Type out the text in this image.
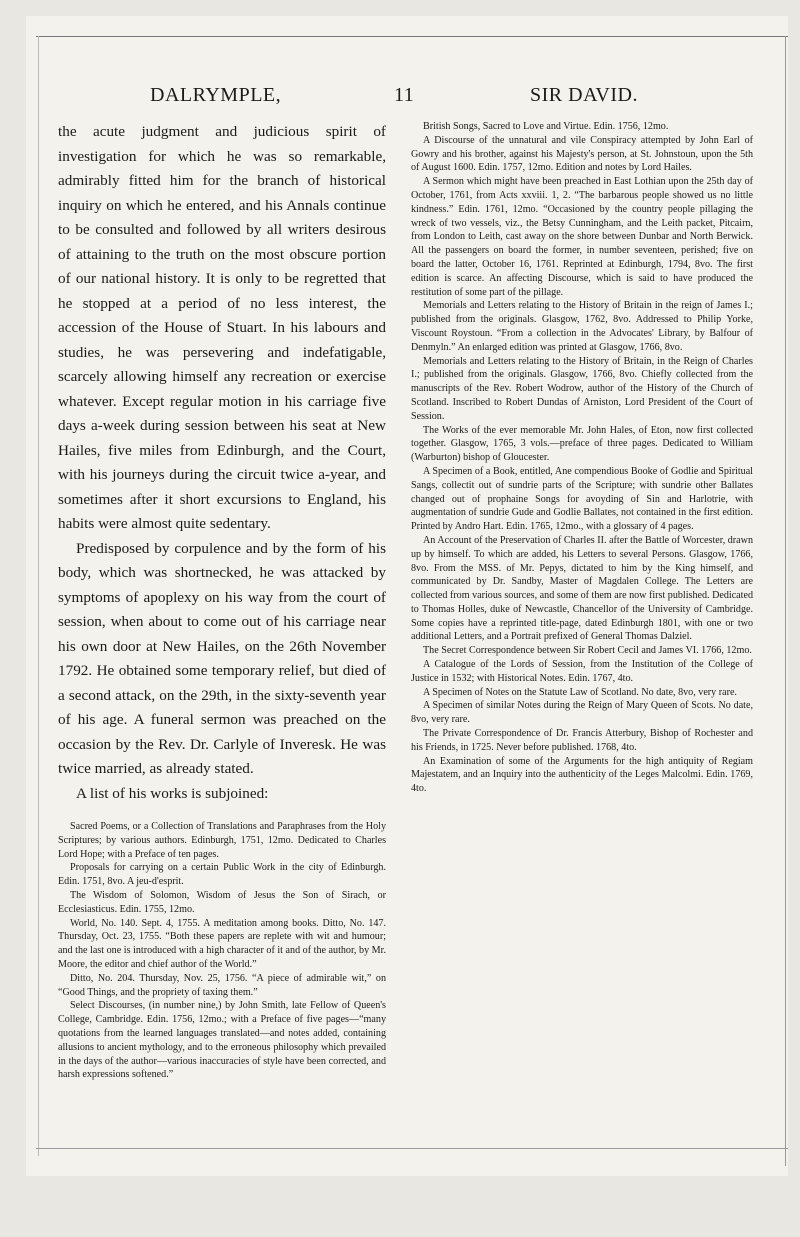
DALRYMPLE,	11	SIR DAVID.

the acute judgment and judicious spirit of investigation for which he was so remarkable, admirably fitted him for the branch of historical inquiry on which he entered, and his Annals continue to be consulted and followed by all writers desirous of attaining to the truth on the most obscure portion of our national history. It is only to be regretted that he stopped at a period of no less interest, the accession of the House of Stuart. In his labours and studies, he was persevering and indefatigable, scarcely allowing himself any recreation or exercise whatever. Except regular motion in his carriage five days a-week during session between his seat at New Hailes, five miles from Edinburgh, and the Court, with his journeys during the circuit twice a-year, and sometimes after it short excursions to England, his habits were almost quite sedentary.

Predisposed by corpulence and by the form of his body, which was shortnecked, he was attacked by symptoms of apoplexy on his way from the court of session, when about to come out of his carriage near his own door at New Hailes, on the 26th November 1792. He obtained some temporary relief, but died of a second attack, on the 29th, in the sixty-seventh year of his age. A funeral sermon was preached on the occasion by the Rev. Dr. Carlyle of Inveresk. He was twice married, as already stated.

A list of his works is subjoined:

Sacred Poems, or a Collection of Translations and Paraphrases from the Holy Scriptures; by various authors. Edinburgh, 1751, 12mo. Dedicated to Charles Lord Hope; with a Preface of ten pages.

Proposals for carrying on a certain Public Work in the city of Edinburgh. Edin. 1751, 8vo. A jeu-d'esprit.

The Wisdom of Solomon, Wisdom of Jesus the Son of Sirach, or Ecclesiasticus. Edin. 1755, 12mo.

World, No. 140. Sept. 4, 1755. A meditation among books. Ditto, No. 147. Thursday, Oct. 23, 1755. “Both these papers are replete with wit and humour; and the last one is introduced with a high character of it and of the author, by Mr. Moore, the editor and chief author of the World.”

Ditto, No. 204. Thursday, Nov. 25, 1756. “A piece of admirable wit,” on “Good Things, and the propriety of taxing them.”

Select Discourses, (in number nine,) by John Smith, late Fellow of Queen's College, Cambridge. Edin. 1756, 12mo.; with a Preface of five pages—“many quotations from the learned languages translated—and notes added, containing allusions to ancient mythology, and to the erroneous philosophy which prevailed in the days of the author—various inaccuracies of style have been corrected, and harsh expressions softened.”

British Songs, Sacred to Love and Virtue. Edin. 1756, 12mo.

A Discourse of the unnatural and vile Conspiracy attempted by John Earl of Gowry and his brother, against his Majesty's person, at St. Johnstoun, upon the 5th of August 1600. Edin. 1757, 12mo. Edition and notes by Lord Hailes.

A Sermon which might have been preached in East Lothian upon the 25th day of October, 1761, from Acts xxviii. 1, 2. “The barbarous people showed us no little kindness.” Edin. 1761, 12mo. “Occasioned by the country people pillaging the wreck of two vessels, viz., the Betsy Cunningham, and the Leith packet, Pitcairn, from London to Leith, cast away on the shore between Dunbar and North Berwick. All the passengers on board the former, in number seventeen, perished; five on board the latter, October 16, 1761. Reprinted at Edinburgh, 1794, 8vo. The first edition is scarce. An affecting Discourse, which is said to have produced the restitution of some part of the pillage.

Memorials and Letters relating to the History of Britain in the reign of James I.; published from the originals. Glasgow, 1762, 8vo. Addressed to Philip Yorke, Viscount Roystoun. “From a collection in the Advocates' Library, by Balfour of Denmyln.” An enlarged edition was printed at Glasgow, 1766, 8vo.

Memorials and Letters relating to the History of Britain, in the Reign of Charles I.; published from the originals. Glasgow, 1766, 8vo. Chiefly collected from the manuscripts of the Rev. Robert Wodrow, author of the History of the Church of Scotland. Inscribed to Robert Dundas of Arniston, Lord President of the Court of Session.

The Works of the ever memorable Mr. John Hales, of Eton, now first collected together. Glasgow, 1765, 3 vols.—preface of three pages. Dedicated to William (Warburton) bishop of Gloucester.

A Specimen of a Book, entitled, Ane compendious Booke of Godlie and Spiritual Sangs, collectit out of sundrie parts of the Scripture; with sundrie other Ballates changed out of prophaine Songs for avoyding of Sin and Harlotrie, with augmentation of sundrie Gude and Godlie Ballates, not contained in the first edition. Printed by Andro Hart. Edin. 1765, 12mo., with a glossary of 4 pages.

An Account of the Preservation of Charles II. after the Battle of Worcester, drawn up by himself. To which are added, his Letters to several Persons. Glasgow, 1766, 8vo. From the MSS. of Mr. Pepys, dictated to him by the King himself, and communicated by Dr. Sandby, Master of Magdalen College. The Letters are collected from various sources, and some of them are now first published. Dedicated to Thomas Holles, duke of Newcastle, Chancellor of the University of Cambridge. Some copies have a reprinted title-page, dated Edinburgh 1801, with one or two additional Letters, and a Portrait prefixed of General Thomas Dalziel.

The Secret Correspondence between Sir Robert Cecil and James VI. 1766, 12mo.

A Catalogue of the Lords of Session, from the Institution of the College of Justice in 1532; with Historical Notes. Edin. 1767, 4to.

A Specimen of Notes on the Statute Law of Scotland. No date, 8vo, very rare.

A Specimen of similar Notes during the Reign of Mary Queen of Scots. No date, 8vo, very rare.

The Private Correspondence of Dr. Francis Atterbury, Bishop of Rochester and his Friends, in 1725. Never before published. 1768, 4to.

An Examination of some of the Arguments for the high antiquity of Regiam Majestatem, and an Inquiry into the authenticity of the Leges Malcolmi. Edin. 1769, 4to.
